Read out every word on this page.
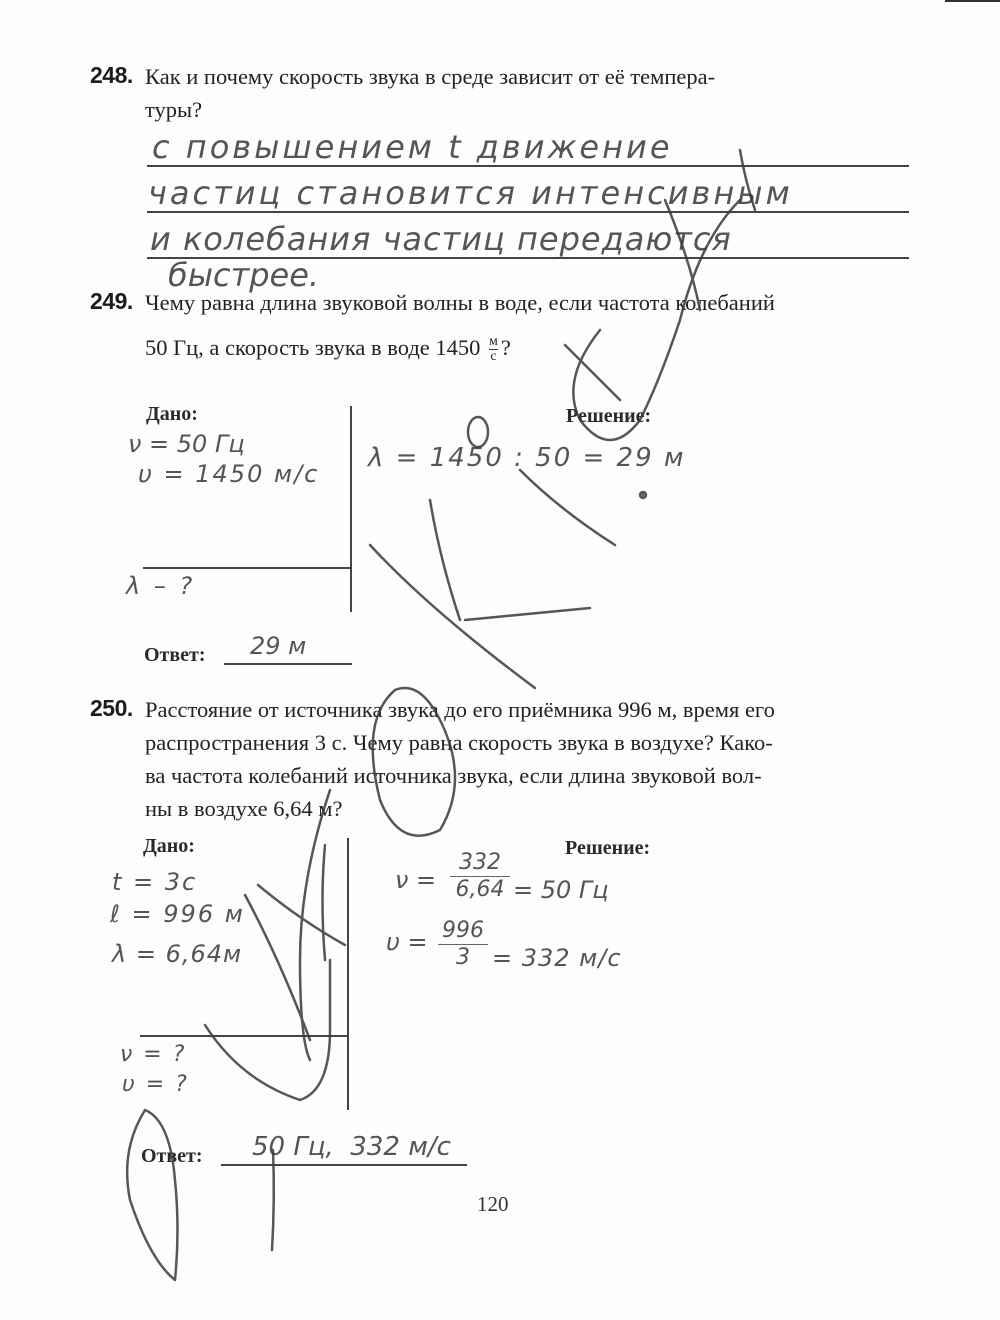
248. Как и почему скорость звука в среде зависит от её темпера-
туры?
с повышением t движение
частиц становится интенсивным
и колебания частиц передаются
быстрее.
249. Чему равна длина звуковой волны в воде, если частота колебаний
50 Гц, а скорость звука в воде 1450 м
с ?
Дано:	Решение:
ν = 50 Гц
υ = 1450 м/с
λ – ?
λ = 1450 : 50 = 29 м
Ответ: 29 м
250. Расстояние от источника звука до его приёмника 996 м, время его
распространения 3 с. Чему равна скорость звука в воздухе? Како-
ва частота колебаний источника звука, если длина звуковой вол-
ны в воздухе 6,64 м?
Дано:	Решение:
t = 3с
ℓ = 996 м
λ = 6,64м
ν = ?
υ = ?
$\nu = \frac{332}{6,64} = 50$ Гц
$\upsilon = \frac{996}{3} = 332$ м/с
Ответ: 50 Гц,  332 м/с
120
